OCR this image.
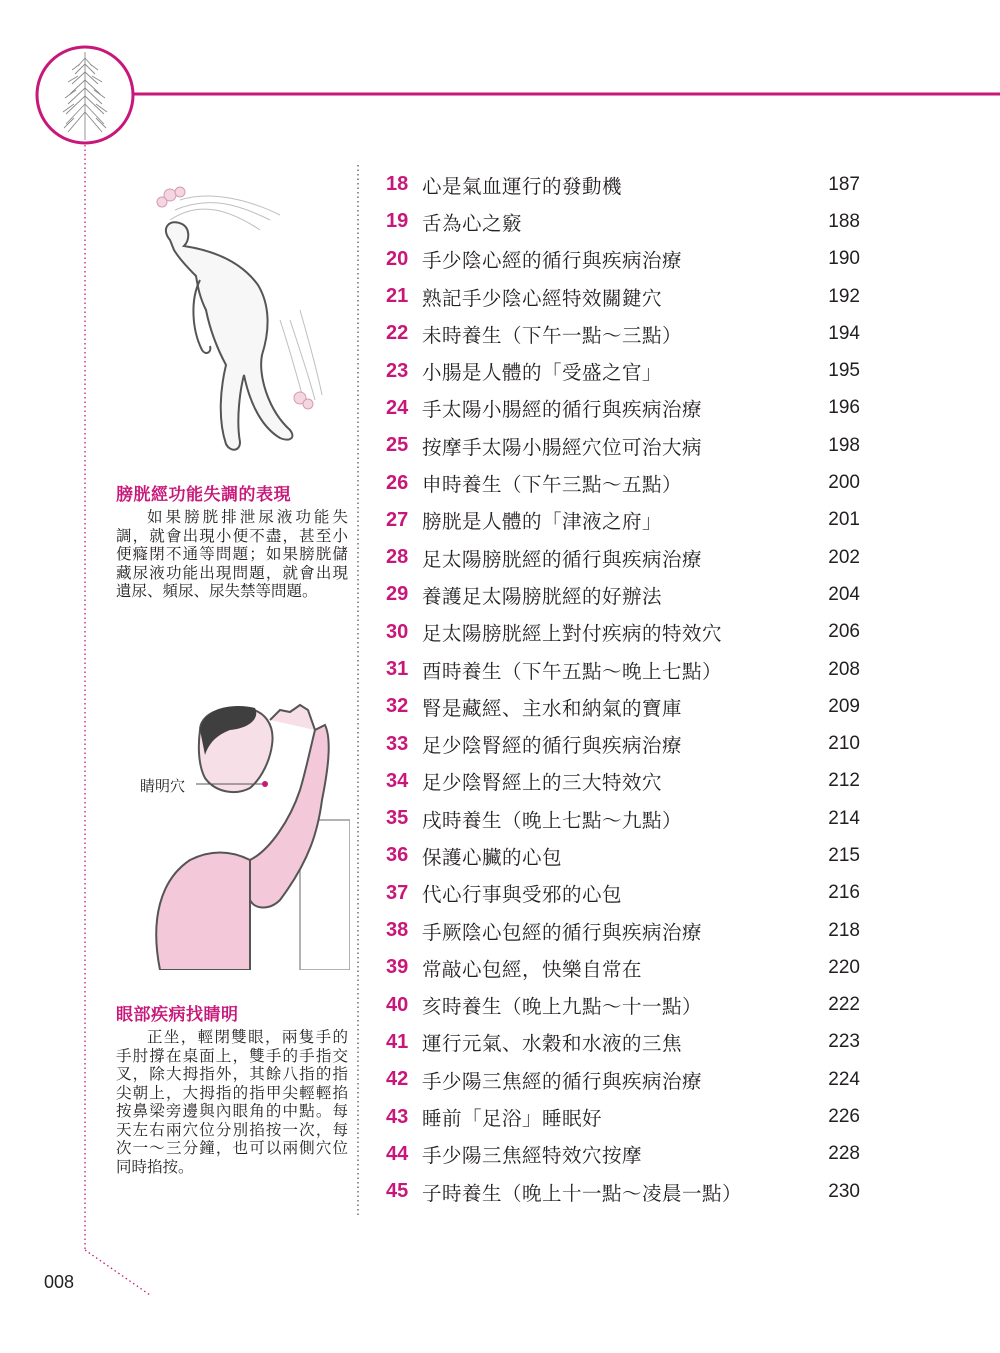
膀胱經功能失調的表現
如果膀胱排泄尿液功能失調，就會出現小便不盡，甚至小便癃閉不通等問題；如果膀胱儲藏尿液功能出現問題，就會出現遺尿、頻尿、尿失禁等問題。
睛明穴
眼部疾病找睛明
正坐，輕閉雙眼，兩隻手的手肘撐在桌面上，雙手的手指交叉，除大拇指外，其餘八指的指尖朝上，大拇指的指甲尖輕輕掐按鼻梁旁邊與內眼角的中點。每天左右兩穴位分別掐按一次，每次一～三分鐘，也可以兩側穴位同時掐按。
18 心是氣血運行的發動機	187
19 舌為心之竅	188
20 手少陰心經的循行與疾病治療	190
21 熟記手少陰心經特效關鍵穴	192
22 未時養生（下午一點～三點）	194
23 小腸是人體的「受盛之官」	195
24 手太陽小腸經的循行與疾病治療	196
25 按摩手太陽小腸經穴位可治大病	198
26 申時養生（下午三點～五點）	200
27 膀胱是人體的「津液之府」	201
28 足太陽膀胱經的循行與疾病治療	202
29 養護足太陽膀胱經的好辦法	204
30 足太陽膀胱經上對付疾病的特效穴	206
31 酉時養生（下午五點～晚上七點）	208
32 腎是藏經、主水和納氣的寶庫	209
33 足少陰腎經的循行與疾病治療	210
34 足少陰腎經上的三大特效穴	212
35 戌時養生（晚上七點～九點）	214
36 保護心臟的心包	215
37 代心行事與受邪的心包	216
38 手厥陰心包經的循行與疾病治療	218
39 常敲心包經，快樂自常在	220
40 亥時養生（晚上九點～十一點）	222
41 運行元氣、水穀和水液的三焦	223
42 手少陽三焦經的循行與疾病治療	224
43 睡前「足浴」睡眠好	226
44 手少陽三焦經特效穴按摩	228
45 子時養生（晚上十一點～凌晨一點）	230
008
